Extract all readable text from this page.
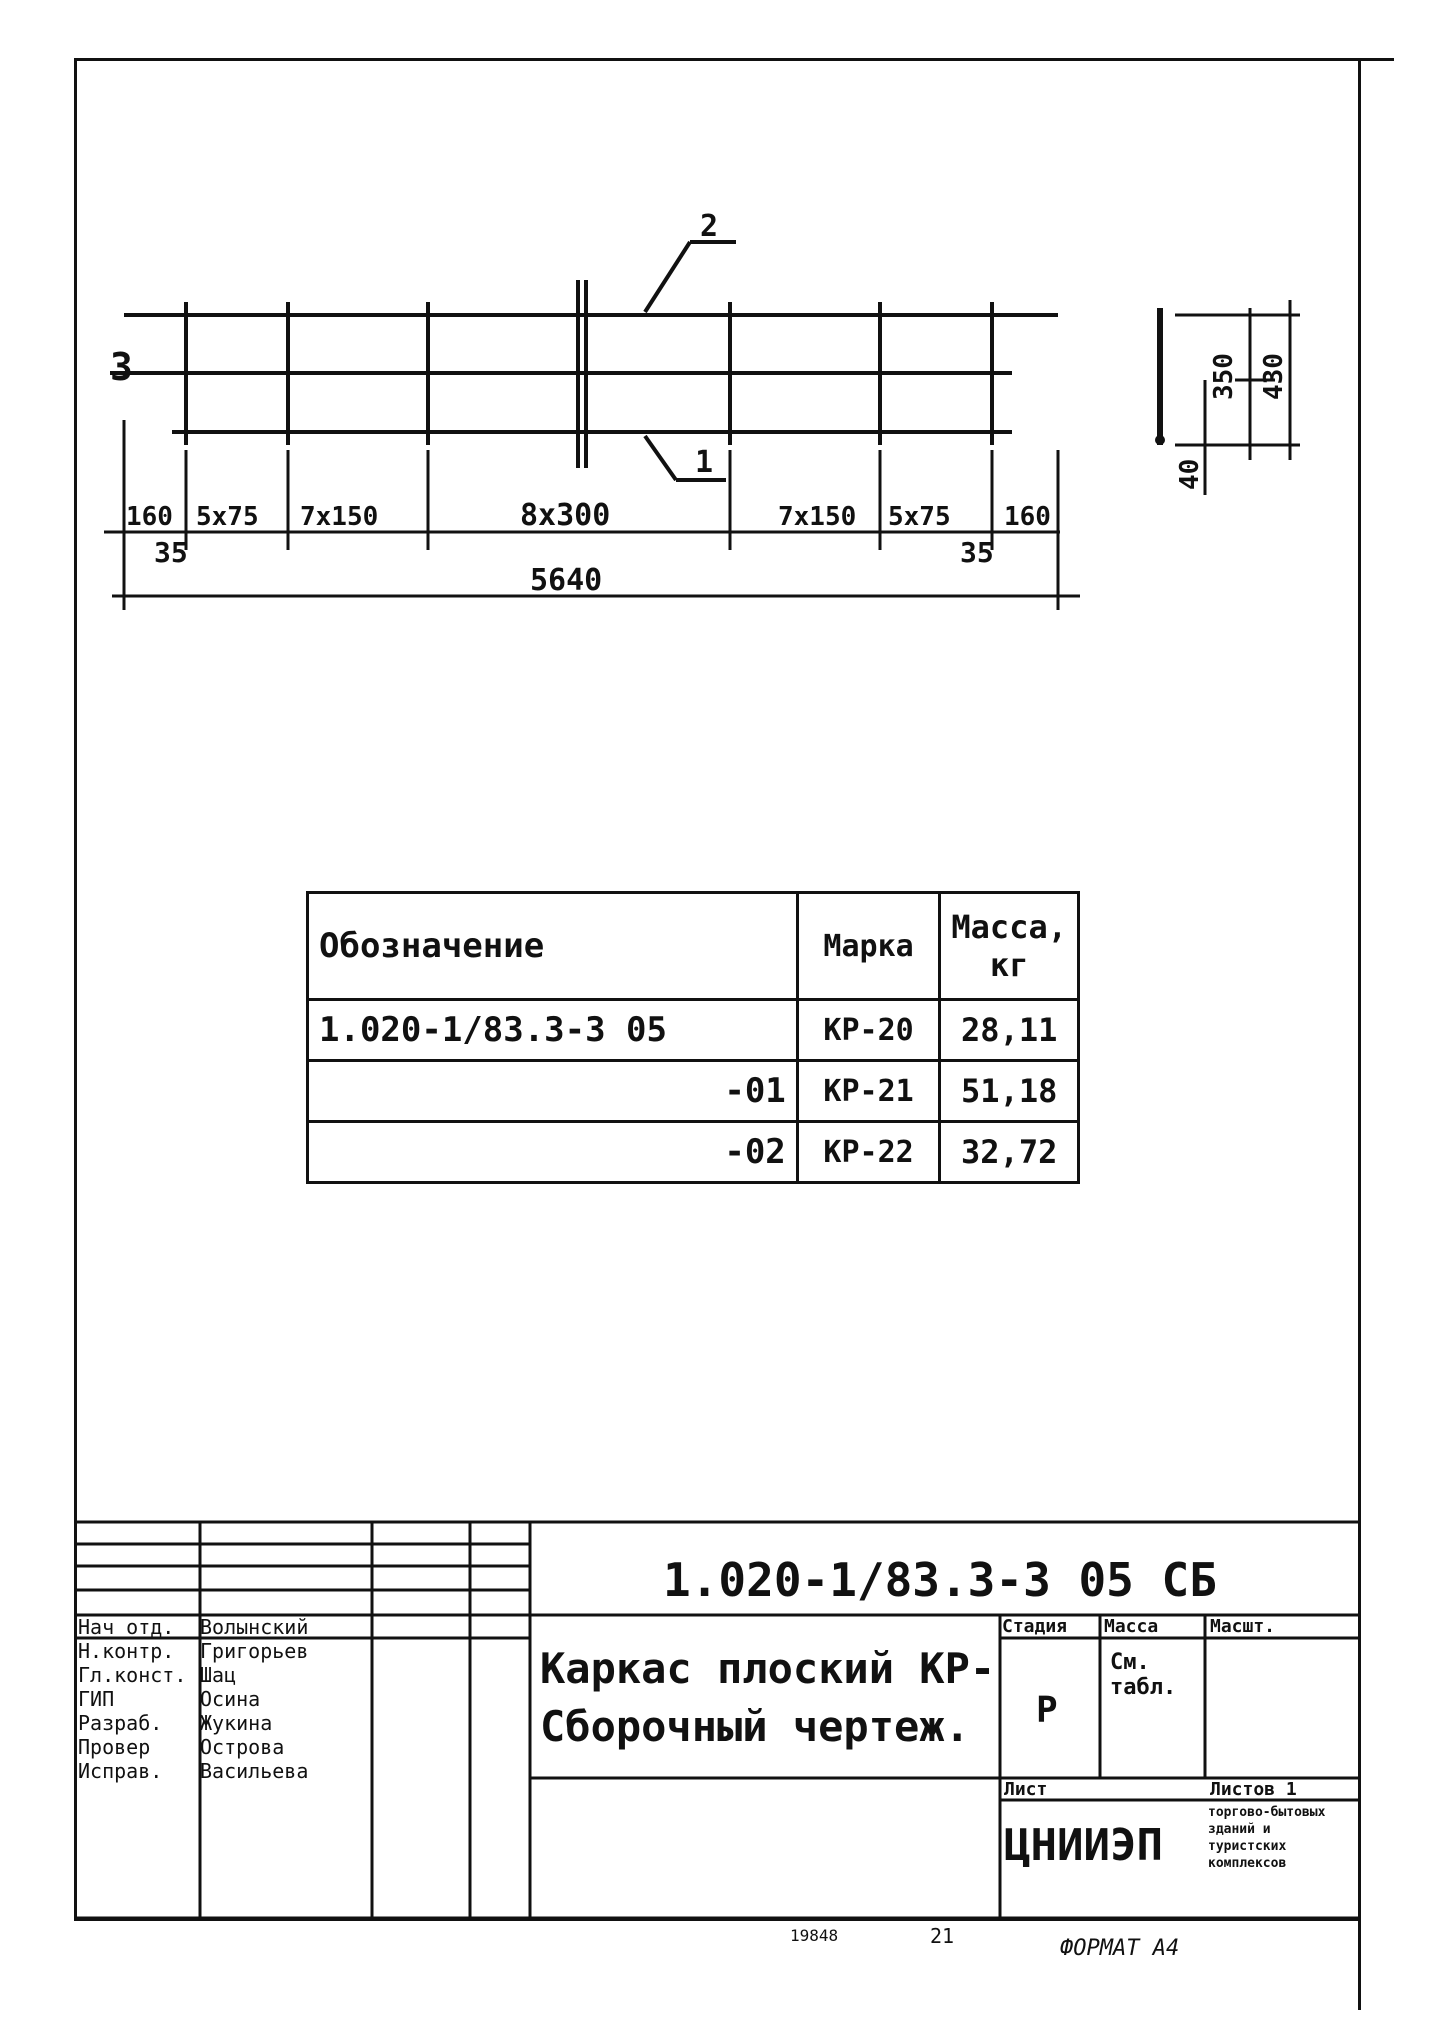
2
1
3
160 5x75 7x150	8x300	7x150 5x75 160
35	35
5640
350 430
40
Обозначение	Марка	Масса, кг
1.020-1/83.3-3 05	КР-20	28,11
-01	КР-21	51,18
-02	КР-22	32,72
1.020-1/83.3-3 05 СБ
Каркас плоский КР-
Сборочный чертеж.
Стадия Масса	Масшт.
Р
См. табл.
Лист	Листов 1
ЦНИИЭП
торгово-бытовых зданий и туристских комплексов
Нач отд. Волынский
Н.контр. Григорьев
Гл.конст. Шац
ГИП	Осина
Разраб. Жукина
Провер Острова
Исправ. Васильева
19848	21	ФОРМАТ А4
